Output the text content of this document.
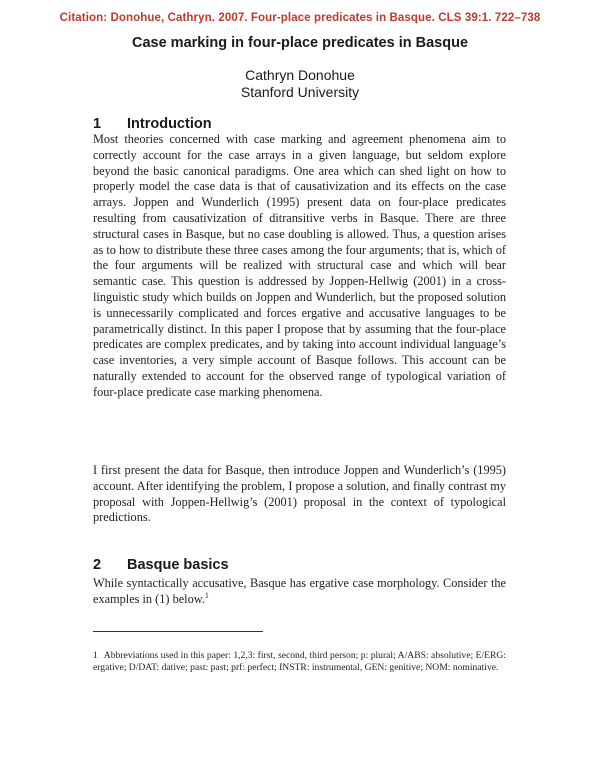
Citation: Donohue, Cathryn. 2007. Four-place predicates in Basque. CLS 39:1. 722–738
Case marking in four-place predicates in Basque
Cathryn Donohue
Stanford University
1 Introduction

Most theories concerned with case marking and agreement phenomena aim to correctly account for the case arrays in a given language, but seldom explore beyond the basic canonical paradigms. One area which can shed light on how to properly model the case data is that of causativization and its effects on the case arrays. Joppen and Wunderlich (1995) present data on four-place predicates resulting from causativization of ditransitive verbs in Basque. There are three structural cases in Basque, but no case doubling is allowed. Thus, a question arises as to how to distribute these three cases among the four arguments; that is, which of the four arguments will be realized with structural case and which will bear semantic case. This question is addressed by Joppen-Hellwig (2001) in a cross-linguistic study which builds on Joppen and Wunderlich, but the proposed solution is unnecessarily complicated and forces ergative and accusative languages to be parametrically distinct. In this paper I propose that by assuming that the four-place predicates are complex predicates, and by taking into account individual language’s case inventories, a very simple account of Basque follows. This account can be naturally extended to account for the observed range of typological variation of four-place predicate case marking phenomena.

I first present the data for Basque, then introduce Joppen and Wunderlich’s (1995) account. After identifying the problem, I propose a solution, and finally contrast my proposal with Joppen-Hellwig’s (2001) proposal in the context of typological predictions.

2 Basque basics

While syntactically accusative, Basque has ergative case morphology. Consider the examples in (1) below.$^1$

1 Abbreviations used in this paper: 1,2,3: first, second, third person; p: plural; A/ABS: absolutive; E/ERG: ergative; D/DAT: dative; past: past; prf: perfect; INSTR: instrumental, GEN: genitive; NOM: nominative.
